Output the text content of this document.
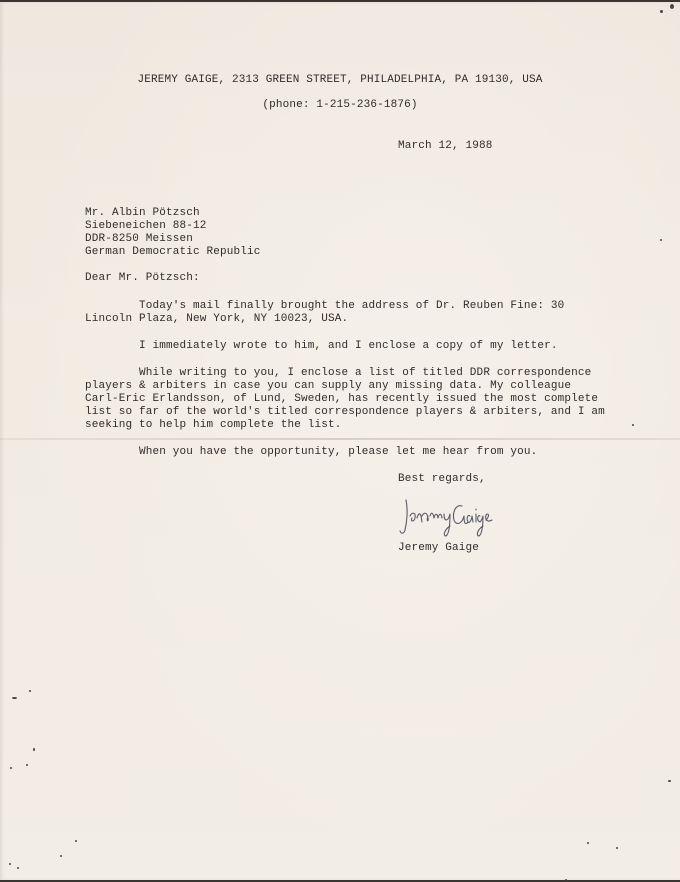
JEREMY GAIGE, 2313 GREEN STREET, PHILADELPHIA, PA 19130, USA
(phone: 1-215-236-1876)
March 12, 1988
Mr. Albin Pötzsch
Siebeneichen 88-12
DDR-8250 Meissen
German Democratic Republic
Dear Mr. Pötzsch:
Today's mail finally brought the address of Dr. Reuben Fine: 30
Lincoln Plaza, New York, NY 10023, USA.
I immediately wrote to him, and I enclose a copy of my letter.
While writing to you, I enclose a list of titled DDR correspondence
players & arbiters in case you can supply any missing data. My colleague
Carl-Eric Erlandsson, of Lund, Sweden, has recently issued the most complete
list so far of the world's titled correspondence players & arbiters, and I am
seeking to help him complete the list.
When you have the opportunity, please let me hear from you.
Best regards,
Jeremy Gaige
